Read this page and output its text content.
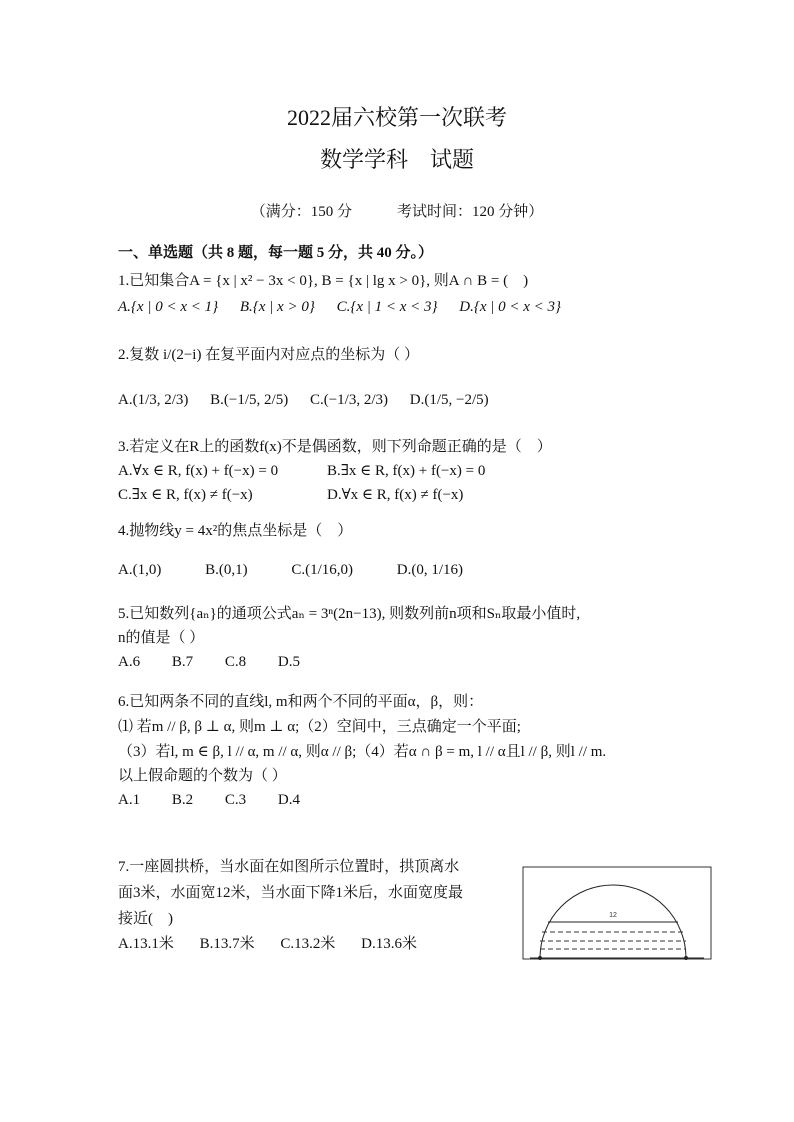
2022届六校第一次联考
数学学科　试题
（满分：150 分　　　考试时间：120 分钟）
一、单选题（共 8 题，每一题 5 分，共 40 分。）
1.已知集合A = {x | x² − 3x < 0}, B = {x | lg x > 0}, 则A ∩ B = (　)
A.{x | 0 < x < 1} B.{x | x > 0} C.{x | 1 < x < 3} D.{x | 0 < x < 3}
2.复数 i/(2−i) 在复平面内对应点的坐标为（ ）
A.(1/3, 2/3) B.(−1/5, 2/5) C.(−1/3, 2/3) D.(1/5, −2/5)
3.若定义在R上的函数f(x)不是偶函数，则下列命题正确的是（　）
A.∀x ∈ R, f(x) + f(−x) = 0	B.∃x ∈ R, f(x) + f(−x) = 0
C.∃x ∈ R, f(x) ≠ f(−x)	D.∀x ∈ R, f(x) ≠ f(−x)
4.抛物线y = 4x²的焦点坐标是（　）
A.(1,0)	B.(0,1)	C.(1/16,0)	D.(0, 1/16)
5.已知数列{aₙ}的通项公式aₙ = 3ⁿ(2n−13), 则数列前n项和Sₙ取最小值时,
n的值是（ ）
A.6 B.7 C.8 D.5
6.已知两条不同的直线l, m和两个不同的平面α，β，则：
⑴ 若m // β, β ⊥ α, 则m ⊥ α;（2）空间中，三点确定一个平面;
（3）若l, m ∈ β, l // α, m // α, 则α // β;（4）若α ∩ β = m, l // α且l // β, 则l // m.
以上假命题的个数为（ ）
A.1 B.2 C.3 D.4
7.一座圆拱桥，当水面在如图所示位置时，拱顶离水
面3米，水面宽12米，当水面下降1米后，水面宽度最
接近(　)
A.13.1米 B.13.7米 C.13.2米 D.13.6米
12
